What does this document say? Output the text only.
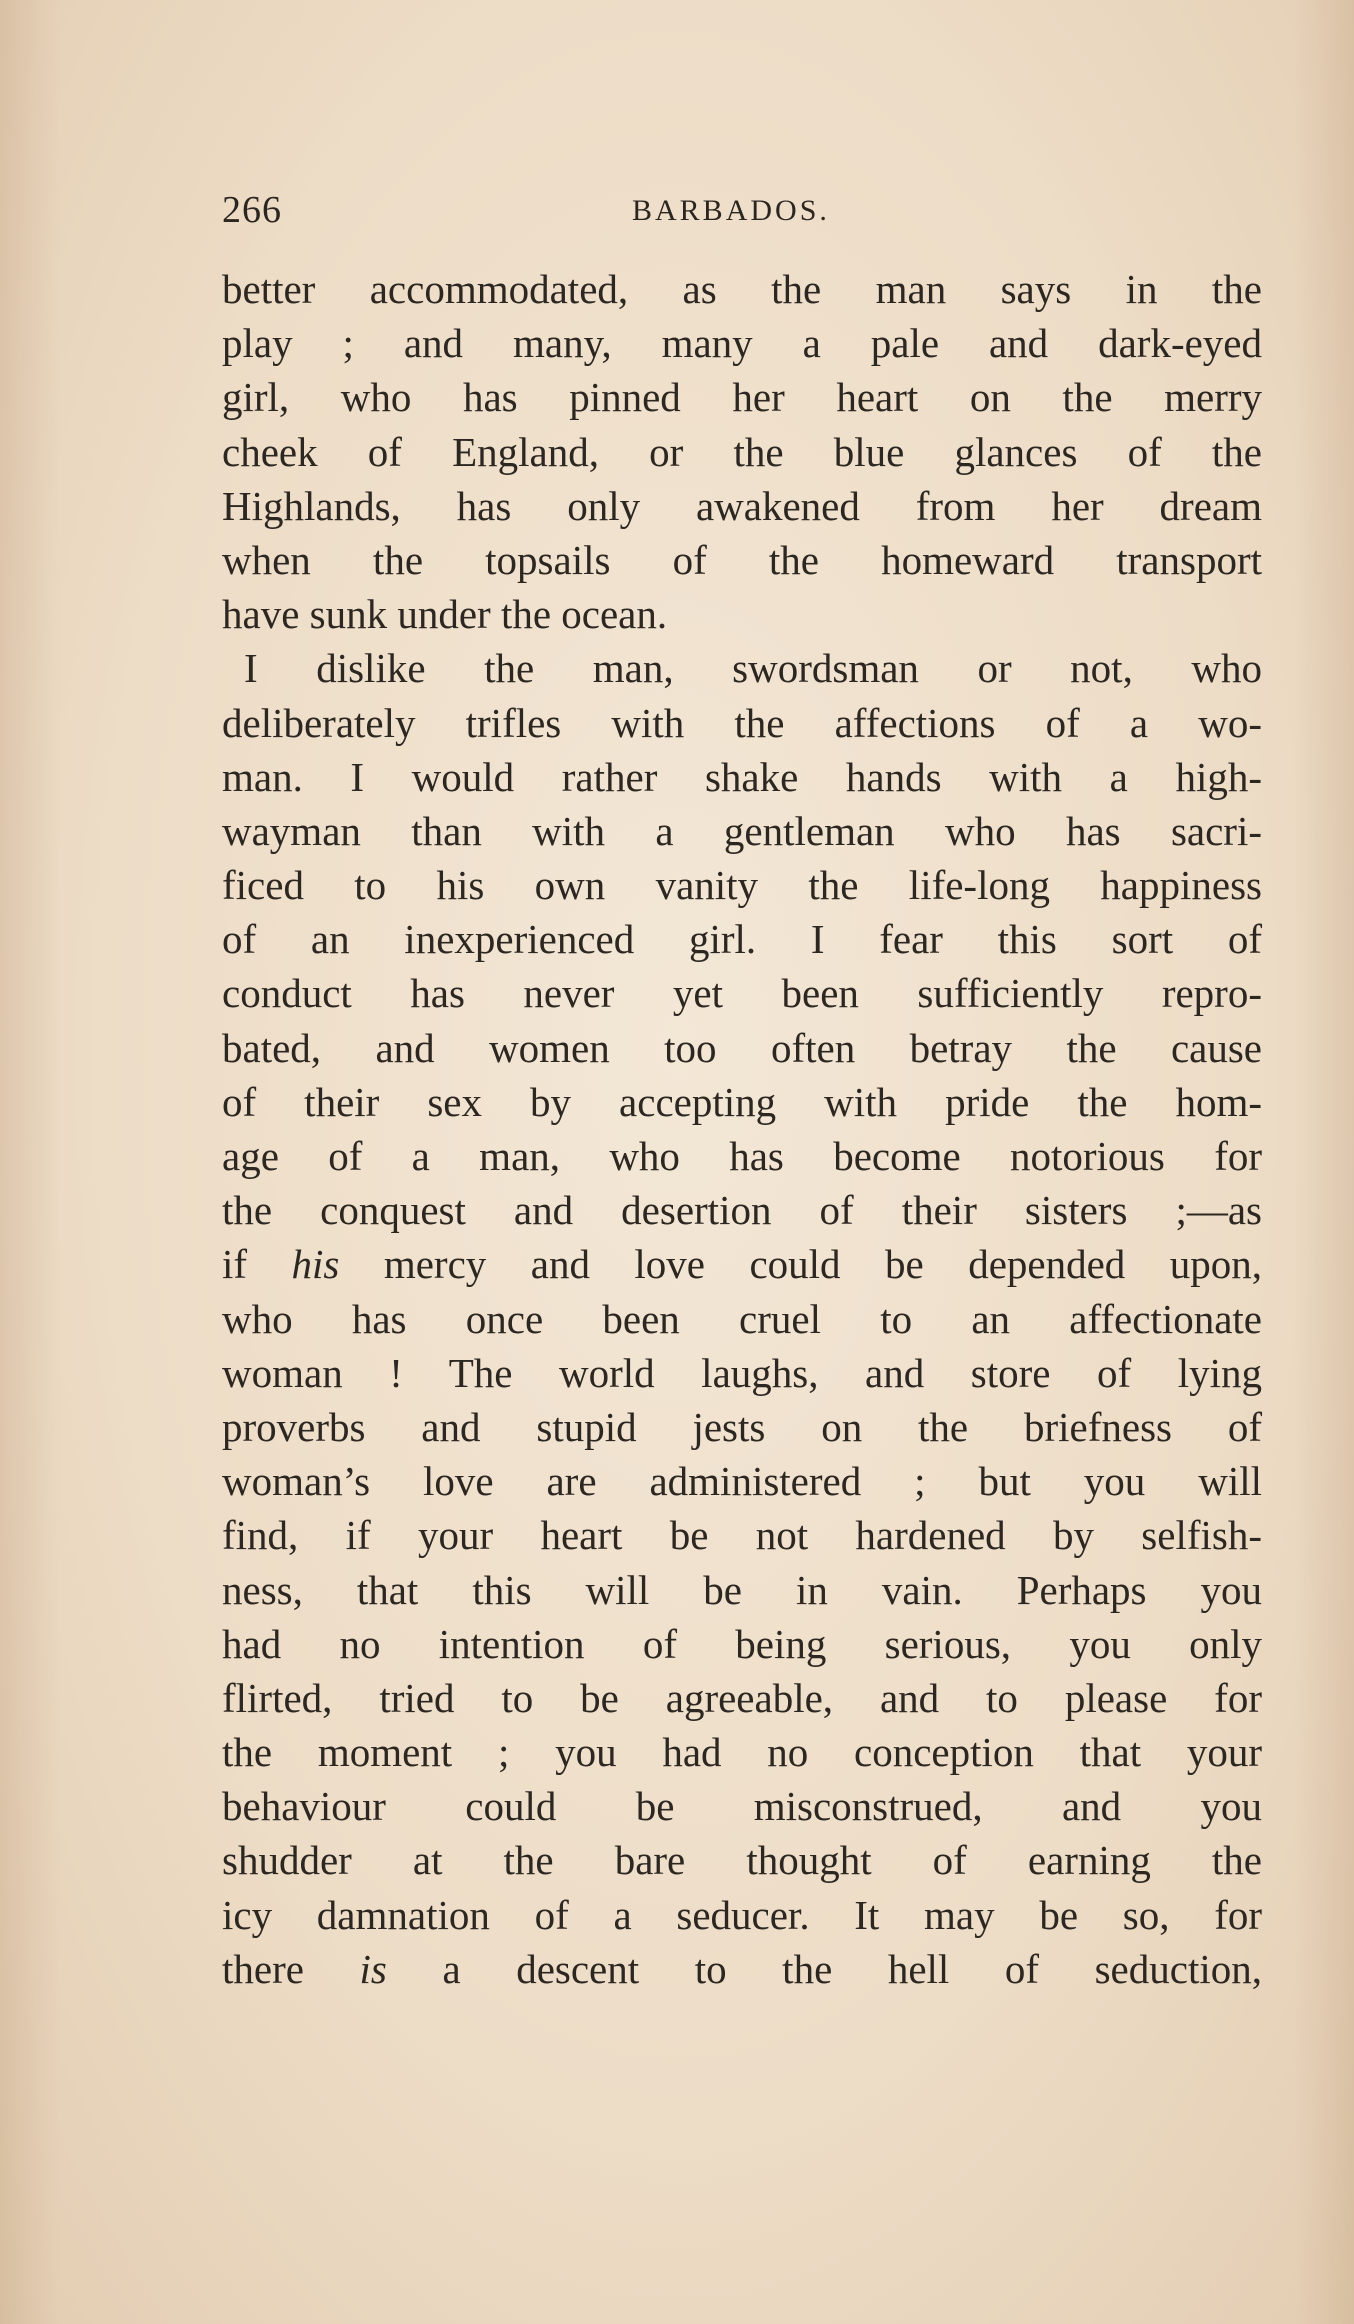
266	BARBADOS.
better accommodated, as the man says in the
play ; and many, many a pale and dark-eyed
girl, who has pinned her heart on the merry
cheek of England, or the blue glances of the
Highlands, has only awakened from her dream
when the topsails of the homeward transport
have sunk under the ocean.
I dislike the man, swordsman or not, who
deliberately trifles with the affections of a wo-
man. I would rather shake hands with a high-
wayman than with a gentleman who has sacri-
ficed to his own vanity the life-long happiness
of an inexperienced girl. I fear this sort of
conduct has never yet been sufficiently repro-
bated, and women too often betray the cause
of their sex by accepting with pride the hom-
age of a man, who has become notorious for
the conquest and desertion of their sisters ;—as
if his mercy and love could be depended upon,
who has once been cruel to an affectionate
woman ! The world laughs, and store of lying
proverbs and stupid jests on the briefness of
woman’s love are administered ; but you will
find, if your heart be not hardened by selfish-
ness, that this will be in vain. Perhaps you
had no intention of being serious, you only
flirted, tried to be agreeable, and to please for
the moment ; you had no conception that your
behaviour could be misconstrued, and you
shudder at the bare thought of earning the
icy damnation of a seducer. It may be so, for
there is a descent to the hell of seduction,
